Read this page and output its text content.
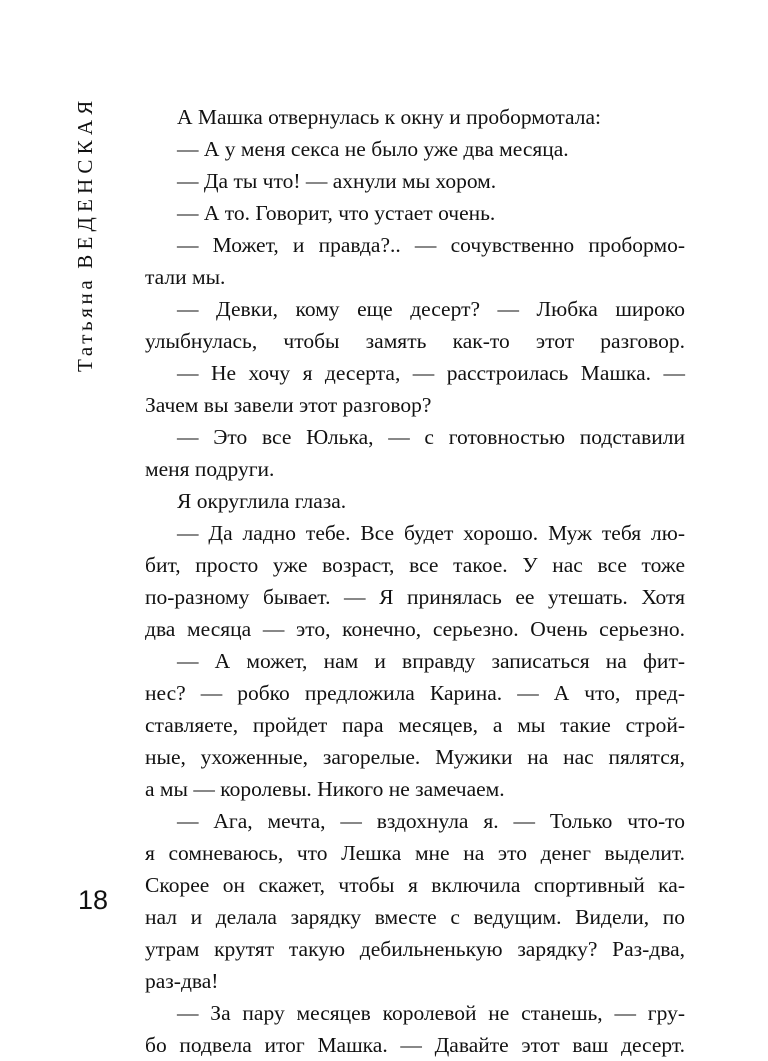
ТатьянаВЕДЕНСКАЯ
18
А Машка отвернулась к окну и пробормотала:
— А у меня секса не было уже два месяца.
— Да ты что! — ахнули мы хором.
— А то. Говорит, что устает очень.
— Может, и правда?.. — сочувственно пробормо-
тали мы.
— Девки, кому еще десерт? — Любка широко
улыбнулась, чтобы замять как-то этот разговор.
— Не хочу я десерта, — расстроилась Машка. —
Зачем вы завели этот разговор?
— Это все Юлька, — с готовностью подставили
меня подруги.
Я округлила глаза.
— Да ладно тебе. Все будет хорошо. Муж тебя лю-
бит, просто уже возраст, все такое. У нас все тоже
по-разному бывает. — Я принялась ее утешать. Хотя
два месяца — это, конечно, серьезно. Очень серьезно.
— А может, нам и вправду записаться на фит-
нес? — робко предложила Карина. — А что, пред-
ставляете, пройдет пара месяцев, а мы такие строй-
ные, ухоженные, загорелые. Мужики на нас пялятся,
а мы — королевы. Никого не замечаем.
— Ага, мечта, — вздохнула я. — Только что-то
я сомневаюсь, что Лешка мне на это денег выделит.
Скорее он скажет, чтобы я включила спортивный ка-
нал и делала зарядку вместе с ведущим. Видели, по
утрам крутят такую дебильненькую зарядку? Раз-два,
раз-два!
— За пару месяцев королевой не станешь, — гру-
бо подвела итог Машка. — Давайте этот ваш десерт.
